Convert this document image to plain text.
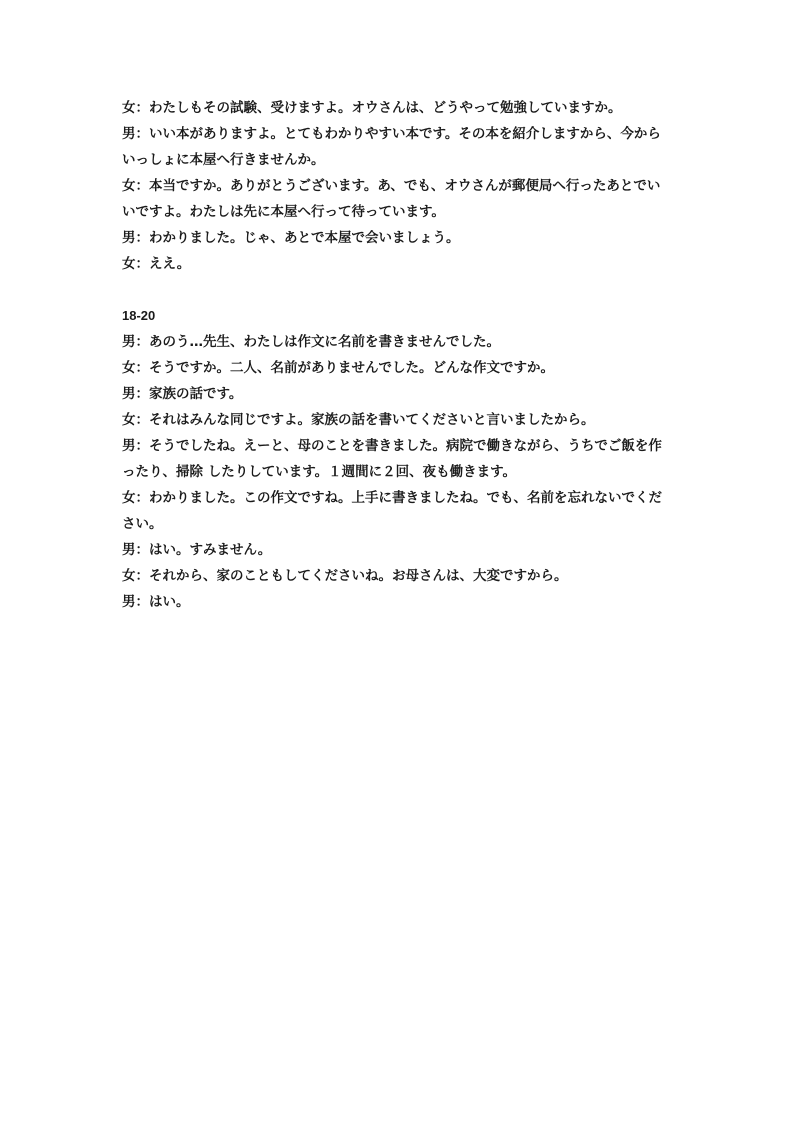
女：わたしもその試験、受けますよ。オウさんは、どうやって勉強していますか。
男：いい本がありますよ。とてもわかりやすい本です。その本を紹介しますから、今から
いっしょに本屋へ行きませんか。
女：本当ですか。ありがとうございます。あ、でも、オウさんが郵便局へ行ったあとでい
いですよ。わたしは先に本屋へ行って待っています。
男：わかりました。じゃ、あとで本屋で会いましょう。
女：ええ。
18-20
男：あのう…先生、わたしは作文に名前を書きませんでした。
女：そうですか。二人、名前がありませんでした。どんな作文ですか。
男：家族の話です。
女：それはみんな同じですよ。家族の話を書いてくださいと言いましたから。
男：そうでしたね。えーと、母のことを書きました。病院で働きながら、うちでご飯を作
ったり、掃除 したりしています。１週間に２回、夜も働きます。
女：わかりました。この作文ですね。上手に書きましたね。でも、名前を忘れないでくだ
さい。
男：はい。すみません。
女：それから、家のこともしてくださいね。お母さんは、大変ですから。
男：はい。
